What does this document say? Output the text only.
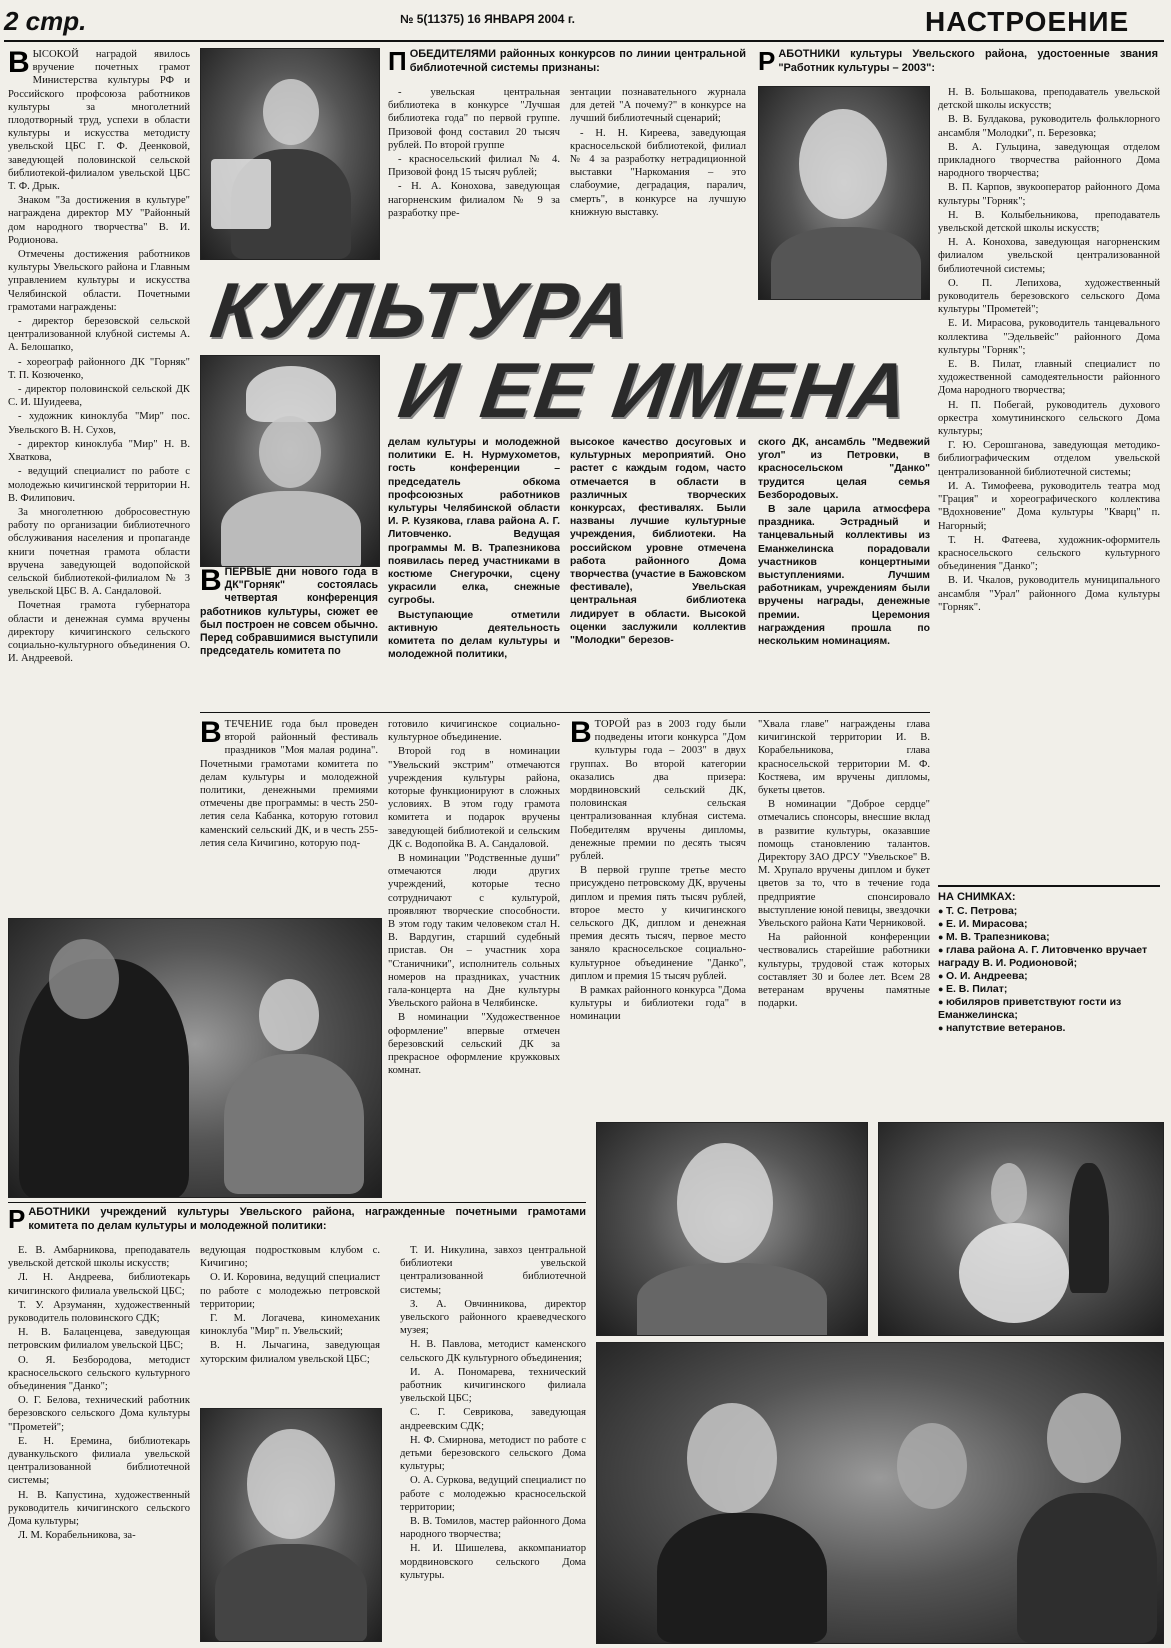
2 стр.	№ 5(11375) 16 ЯНВАРЯ 2004 г.	НАСТРОЕНИЕ

ВЫСОКОЙ наградой явилось вручение почетных грамот Министерства культуры РФ и Российского профсоюза работников культуры за многолетний плодотворный труд, успехи в области культуры и искусства методисту увельской ЦБС Г. Ф. Деенковой, заведующей половинской сельской библиотекой-филиалом увельской ЦБС Т. Ф. Дрык.

Знаком "За достижения в культуре" награждена директор МУ "Районный дом народного творчества" В. И. Родионова.

Отмечены достижения работников культуры Увельского района и Главным управлением культуры и искусства Челябинской области. Почетными грамотами награждены:

- директор березовской сельской централизованной клубной системы А. А. Белошапко,

- хореограф районного ДК "Горняк" Т. П. Козюченко,

- директор половинской сельской ДК С. И. Шуидеева,

- художник киноклуба "Мир" пос. Увельского В. Н. Сухов,

- директор киноклуба "Мир" Н. В. Хваткова,

- ведущий специалист по работе с молодежью кичигинской территории Н. В. Филипович.

За многолетнюю добросовестную работу по организации библиотечного обслуживания населения и пропаганде книги почетная грамота области вручена заведующей водопойской сельской библиотекой-филиалом № 3 увельской ЦБС В. А. Сандаловой.

Почетная грамота губернатора области и денежная сумма вручены директору кичигинского сельского социально-культурного объединения О. И. Андреевой.

ПОБЕДИТЕЛЯМИ районных конкурсов по линии центральной библиотечной системы признаны:

- увельская центральная библиотека в конкурсе "Лучшая библиотека года" по первой группе. Призовой фонд составил 20 тысяч рублей. По второй группе

- красносельский филиал № 4. Призовой фонд 15 тысяч рублей;

- Н. А. Конохова, заведующая нагорненским филиалом № 9 за разработку пре-

зентации познавательного журнала для детей "А почему?" в конкурсе на лучший библиотечный сценарий;

- Н. Н. Киреева, заведующая красносельской библиотекой, филиал № 4 за разработку нетрадиционной выставки "Наркомания – это слабоумие, деградация, паралич, смерть", в конкурсе на лучшую книжную выставку.

РАБОТНИКИ культуры Увельского района, удостоенные звания "Работник культуры – 2003":

Н. В. Большакова, преподаватель увельской детской школы искусств;

В. В. Булдакова, руководитель фольклорного ансамбля "Молодки", п. Березовка;

В. А. Гульцина, заведующая отделом прикладного творчества районного Дома народного творчества;

В. П. Карпов, звукооператор районного Дома культуры "Горняк";

Н. В. Колыбельникова, преподаватель увельской детской школы искусств;

Н. А. Конохова, заведующая нагорненским филиалом увельской централизованной библиотечной системы;

О. П. Лепихова, художественный руководитель березовского сельского Дома культуры "Прометей";

Е. И. Мирасова, руководитель танцевального коллектива "Эдельвейс" районного Дома культуры "Горняк";

Е. В. Пилат, главный специалист по художественной самодеятельности районного Дома народного творчества;

Н. П. Побегай, руководитель духового оркестра хомутининского сельского Дома культуры;

Г. Ю. Серошганова, заведующая методико-библиографическим отделом увельской централизованной библиотечной системы;

И. А. Тимофеева, руководитель театра мод "Грация" и хореографического коллектива "Вдохновение" Дома культуры "Кварц" п. Нагорный;

Т. Н. Фатеева, художник-оформитель красносельского сельского культурного объединения "Данко";

В. И. Чкалов, руководитель муниципального ансамбля "Урал" районного Дома культуры "Горняк".

КУЛЬТУРА
И ЕЕ ИМЕНА

ВПЕРВЫЕ дни нового года в ДК"Горняк" состоялась четвертая конференция работников культуры, сюжет ее был построен не совсем обычно. Перед собравшимися выступили председатель комитета по

делам культуры и молодежной политики Е. Н. Нурмухометов, гость конференции – председатель обкома профсоюзных работников культуры Челябинской области И. Р. Кузякова, глава района А. Г. Литовченко. Ведущая программы М. В. Трапезникова появилась перед участниками в костюме Снегурочки, сцену украсили елка, снежные сугробы.

Выступающие отметили активную деятельность комитета по делам культуры и молодежной политики,

высокое качество досуговых и культурных мероприятий. Оно растет с каждым годом, часто отмечается в области в различных творческих конкурсах, фестивалях. Были названы лучшие культурные учреждения, библиотеки. На российском уровне отмечена работа районного Дома творчества (участие в Бажовском фестивале), Увельская центральная библиотека лидирует в области. Высокой оценки заслужили коллектив "Молодки" березов-

ского ДК, ансамбль "Медвежий угол" из Петровки, в красносельском "Данко" трудится целая семья Безбородовых.

В зале царила атмосфера праздника. Эстрадный и танцевальный коллективы из Еманжелинска порадовали участников концертными выступлениями. Лучшим работникам, учреждениям были вручены награды, денежные премии. Церемония награждения прошла по нескольким номинациям.

ВТЕЧЕНИЕ года был проведен второй районный фестиваль праздников "Моя малая родина". Почетными грамотами комитета по делам культуры и молодежной политики, денежными премиями отмечены две программы: в честь 250-летия села Кабанка, которую готовил каменский сельский ДК, и в честь 255-летия села Кичигино, которую под-

готовило кичигинское социально-культурное объединение.

Второй год в номинации "Увельский экстрим" отмечаются учреждения культуры района, которые функционируют в сложных условиях. В этом году грамота комитета и подарок вручены заведующей библиотекой и сельским ДК с. Водопойка В. А. Сандаловой.

В номинации "Родственные души" отмечаются люди других учреждений, которые тесно сотрудничают с культурой, проявляют творческие способности. В этом году таким человеком стал Н. В. Вардугин, старший судебный пристав. Он – участник хора "Станичники", исполнитель сольных номеров на праздниках, участник гала-концерта на Дне культуры Увельского района в Челябинске.

В номинации "Художественное оформление" впервые отмечен березовский сельский ДК за прекрасное оформление кружковых комнат.

ВТОРОЙ раз в 2003 году были подведены итоги конкурса "Дом культуры года – 2003" в двух группах. Во второй категории оказались два призера: мордвиновский сельский ДК, половинская сельская централизованная клубная система. Победителям вручены дипломы, денежные премии по десять тысяч рублей.

В первой группе третье место присуждено петровскому ДК, вручены диплом и премия пять тысяч рублей, второе место у кичигинского сельского ДК, диплом и денежная премия десять тысяч, первое место заняло красносельское социально-культурное объединение "Данко", диплом и премия 15 тысяч рублей.

В рамках районного конкурса "Дома культуры и библиотеки года" в номинации

"Хвала главе" награждены глава кичигинской территории И. В. Корабельникова, глава красносельской территории М. Ф. Костяева, им вручены дипломы, букеты цветов.

В номинации "Доброе сердце" отмечались спонсоры, внесшие вклад в развитие культуры, оказавшие помощь становлению талантов. Директору ЗАО ДРСУ "Увельское" В. М. Хрупало вручены диплом и букет цветов за то, что в течение года предприятие спонсировало выступление юной певицы, звездочки Увельского района Кати Черниковой.

На районной конференции чествовались старейшие работники культуры, трудовой стаж которых составляет 30 и более лет. Всем 28 ветеранам вручены памятные подарки.

НА СНИМКАХ:
● Т. С. Петрова;
● Е. И. Мирасова;
● М. В. Трапезникова;
● глава района А. Г. Литовченко вручает награду В. И. Родионовой;
● О. И. Андреева;
● Е. В. Пилат;
● юбиляров приветствуют гости из Еманжелинска;
● напутствие ветеранов.

РАБОТНИКИ учреждений культуры Увельского района, награжденные почетными грамотами комитета по делам культуры и молодежной политики:

Е. В. Амбарникова, преподаватель увельской детской школы искусств;

Л. Н. Андреева, библиотекарь кичигинского филиала увельской ЦБС;

Т. У. Арзуманян, художественный руководитель половинского СДК;

Н. В. Балаценцева, заведующая петровским филиалом увельской ЦБС;

О. Я. Безбородова, методист красносельского сельского культурного объединения "Данко";

О. Г. Белова, технический работник березовского сельского Дома культуры "Прометей";

Е. Н. Еремина, библиотекарь дуванкульского филиала увельской централизованной библиотечной системы;

Н. В. Капустина, художественный руководитель кичигинского сельского Дома культуры;

Л. М. Корабельникова, за-

ведующая подростковым клубом с. Кичигино;

О. И. Коровина, ведущий специалист по работе с молодежью петровской территории;

Г. М. Логачева, киномеханик киноклуба "Мир" п. Увельский;

В. Н. Лычагина, заведующая хуторским филиалом увельской ЦБС;

Т. И. Никулина, завхоз центральной библиотеки увельской централизованной библиотечной системы;

З. А. Овчинникова, директор увельского районного краеведческого музея;

Н. В. Павлова, методист каменского сельского ДК культурного объединения;

И. А. Пономарева, технический работник кичигинского филиала увельской ЦБС;

С. Г. Севрикова, заведующая андреевским СДК;

Н. Ф. Смирнова, методист по работе с детьми березовского сельского Дома культуры;

О. А. Суркова, ведущий специалист по работе с молодежью красносельской территории;

В. В. Томилов, мастер районного Дома народного творчества;

Н. И. Шишелева, аккомпаниатор мордвиновского сельского Дома культуры.
